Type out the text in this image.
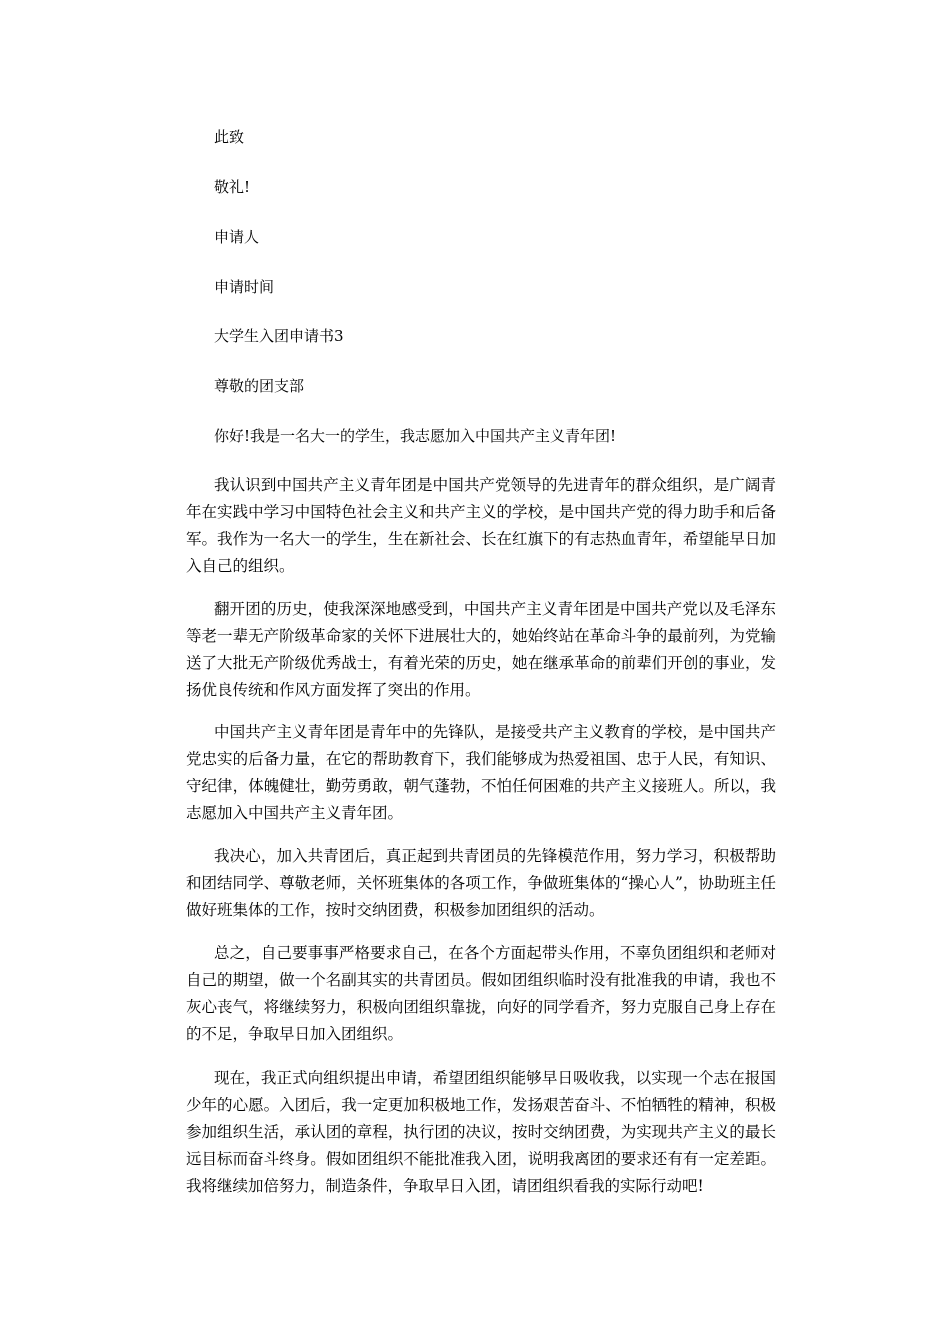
此致
敬礼!
申请人
申请时间
大学生入团申请书3
尊敬的团支部
你好!我是一名大一的学生，我志愿加入中国共产主义青年团!

我认识到中国共产主义青年团是中国共产党领导的先进青年的群众组织，是广阔青年在实践中学习中国特色社会主义和共产主义的学校，是中国共产党的得力助手和后备军。我作为一名大一的学生，生在新社会、长在红旗下的有志热血青年，希望能早日加入自己的组织。

翻开团的历史，使我深深地感受到，中国共产主义青年团是中国共产党以及毛泽东等老一辈无产阶级革命家的关怀下进展壮大的，她始终站在革命斗争的最前列，为党输送了大批无产阶级优秀战士，有着光荣的历史，她在继承革命的前辈们开创的事业，发扬优良传统和作风方面发挥了突出的作用。

中国共产主义青年团是青年中的先锋队，是接受共产主义教育的学校，是中国共产党忠实的后备力量，在它的帮助教育下，我们能够成为热爱祖国、忠于人民，有知识、守纪律，体魄健壮，勤劳勇敢，朝气蓬勃，不怕任何困难的共产主义接班人。所以，我志愿加入中国共产主义青年团。

我决心，加入共青团后，真正起到共青团员的先锋模范作用，努力学习，积极帮助和团结同学、尊敬老师，关怀班集体的各项工作，争做班集体的“操心人”，协助班主任做好班集体的工作，按时交纳团费，积极参加团组织的活动。

总之，自己要事事严格要求自己，在各个方面起带头作用，不辜负团组织和老师对自己的期望，做一个名副其实的共青团员。假如团组织临时没有批准我的申请，我也不灰心丧气，将继续努力，积极向团组织靠拢，向好的同学看齐，努力克服自己身上存在的不足，争取早日加入团组织。

现在，我正式向组织提出申请，希望团组织能够早日吸收我，以实现一个志在报国少年的心愿。入团后，我一定更加积极地工作，发扬艰苦奋斗、不怕牺牲的精神，积极参加组织生活，承认团的章程，执行团的决议，按时交纳团费，为实现共产主义的最长远目标而奋斗终身。假如团组织不能批准我入团，说明我离团的要求还有有一定差距。我将继续加倍努力，制造条件，争取早日入团，请团组织看我的实际行动吧!
